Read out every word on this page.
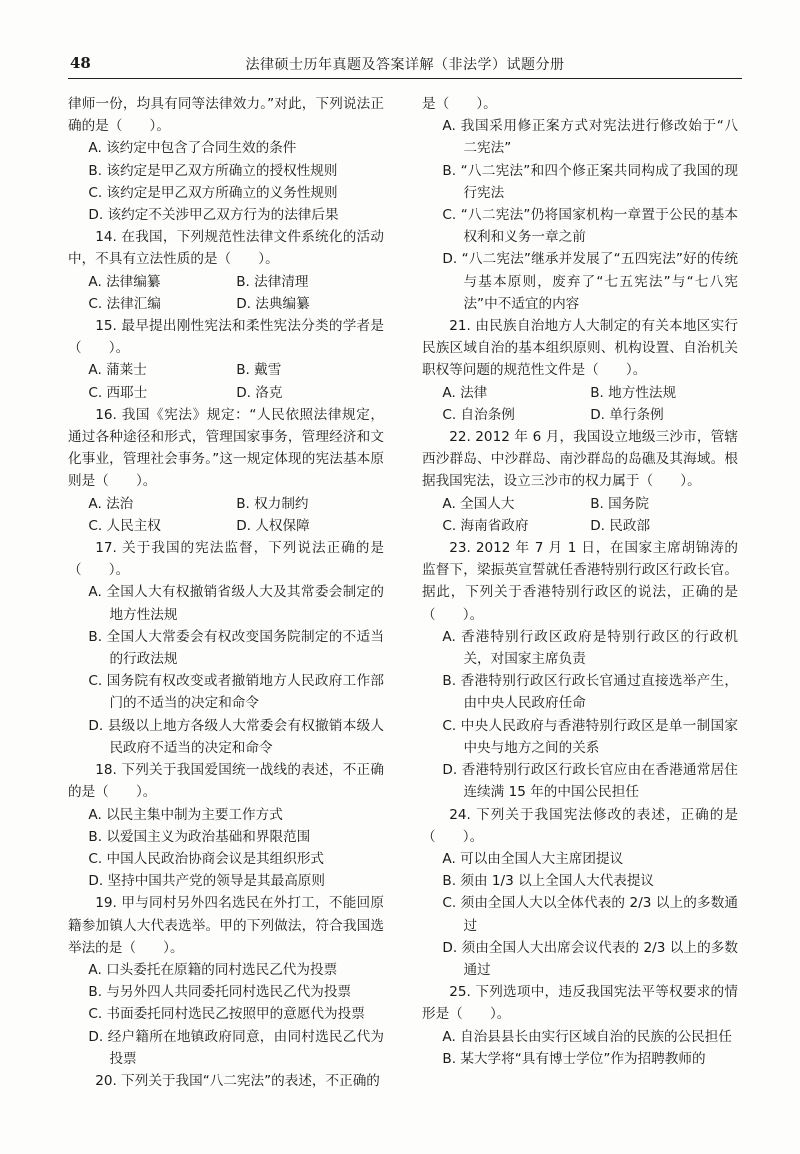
48	法律硕士历年真题及答案详解（非法学）试题分册

律师一份，均具有同等法律效力。”对此，下列说法正确的是（　　）。

A. 该约定中包含了合同生效的条件

B. 该约定是甲乙双方所确立的授权性规则

C. 该约定是甲乙双方所确立的义务性规则

D. 该约定不关涉甲乙双方行为的法律后果

14. 在我国，下列规范性法律文件系统化的活动中，不具有立法性质的是（　　）。

A. 法律编纂	B. 法律清理
C. 法律汇编	D. 法典编纂

15. 最早提出刚性宪法和柔性宪法分类的学者是（　　）。

A. 蒲莱士	B. 戴雪
C. 西耶士	D. 洛克

16. 我国《宪法》规定：“人民依照法律规定，通过各种途径和形式，管理国家事务，管理经济和文化事业，管理社会事务。”这一规定体现的宪法基本原则是（　　）。

A. 法治	B. 权力制约
C. 人民主权	D. 人权保障

17. 关于我国的宪法监督，下列说法正确的是（　　）。

A. 全国人大有权撤销省级人大及其常委会制定的地方性法规

B. 全国人大常委会有权改变国务院制定的不适当的行政法规

C. 国务院有权改变或者撤销地方人民政府工作部门的不适当的决定和命令

D. 县级以上地方各级人大常委会有权撤销本级人民政府不适当的决定和命令

18. 下列关于我国爱国统一战线的表述，不正确的是（　　）。

A. 以民主集中制为主要工作方式

B. 以爱国主义为政治基础和界限范围

C. 中国人民政治协商会议是其组织形式

D. 坚持中国共产党的领导是其最高原则

19. 甲与同村另外四名选民在外打工，不能回原籍参加镇人大代表选举。甲的下列做法，符合我国选举法的是（　　）。

A. 口头委托在原籍的同村选民乙代为投票

B. 与另外四人共同委托同村选民乙代为投票

C. 书面委托同村选民乙按照甲的意愿代为投票

D. 经户籍所在地镇政府同意，由同村选民乙代为投票

20. 下列关于我国“八二宪法”的表述，不正确的

是（　　）。

A. 我国采用修正案方式对宪法进行修改始于“八二宪法”

B. “八二宪法”和四个修正案共同构成了我国的现行宪法

C. “八二宪法”仍将国家机构一章置于公民的基本权利和义务一章之前

D. “八二宪法”继承并发展了“五四宪法”好的传统与基本原则，废弃了“七五宪法”与“七八宪法”中不适宜的内容

21. 由民族自治地方人大制定的有关本地区实行民族区域自治的基本组织原则、机构设置、自治机关职权等问题的规范性文件是（　　）。

A. 法律	B. 地方性法规
C. 自治条例	D. 单行条例

22. 2012 年 6 月，我国设立地级三沙市，管辖西沙群岛、中沙群岛、南沙群岛的岛礁及其海域。根据我国宪法，设立三沙市的权力属于（　　）。

A. 全国人大	B. 国务院
C. 海南省政府	D. 民政部

23. 2012 年 7 月 1 日，在国家主席胡锦涛的监督下，梁振英宣誓就任香港特别行政区行政长官。据此，下列关于香港特别行政区的说法，正确的是（　　）。

A. 香港特别行政区政府是特别行政区的行政机关，对国家主席负责

B. 香港特别行政区行政长官通过直接选举产生，由中央人民政府任命

C. 中央人民政府与香港特别行政区是单一制国家中央与地方之间的关系

D. 香港特别行政区行政长官应由在香港通常居住连续满 15 年的中国公民担任

24. 下列关于我国宪法修改的表述，正确的是（　　）。

A. 可以由全国人大主席团提议

B. 须由 1/3 以上全国人大代表提议

C. 须由全国人大以全体代表的 2/3 以上的多数通过

D. 须由全国人大出席会议代表的 2/3 以上的多数通过

25. 下列选项中，违反我国宪法平等权要求的情形是（　　）。

A. 自治县县长由实行区域自治的民族的公民担任

B. 某大学将“具有博士学位”作为招聘教师的
